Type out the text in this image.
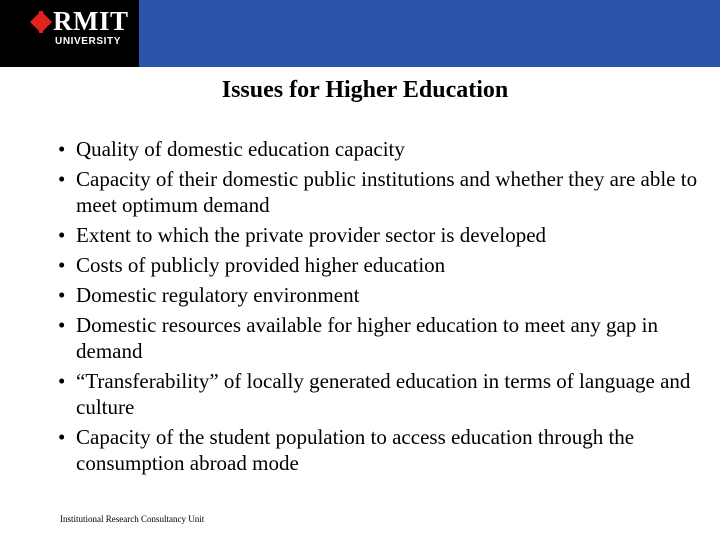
RMIT
UNIVERSITY
Issues for Higher Education
• Quality of domestic education capacity
• Capacity of their domestic public institutions and whether they are able to meet optimum demand
• Extent to which the private provider sector is developed
• Costs of publicly provided higher education
• Domestic regulatory environment
• Domestic resources available for higher education to meet any gap in demand
• “Transferability” of locally generated education in terms of language and culture
• Capacity of the student population to access education through the consumption abroad mode
Institutional Research Consultancy Unit
